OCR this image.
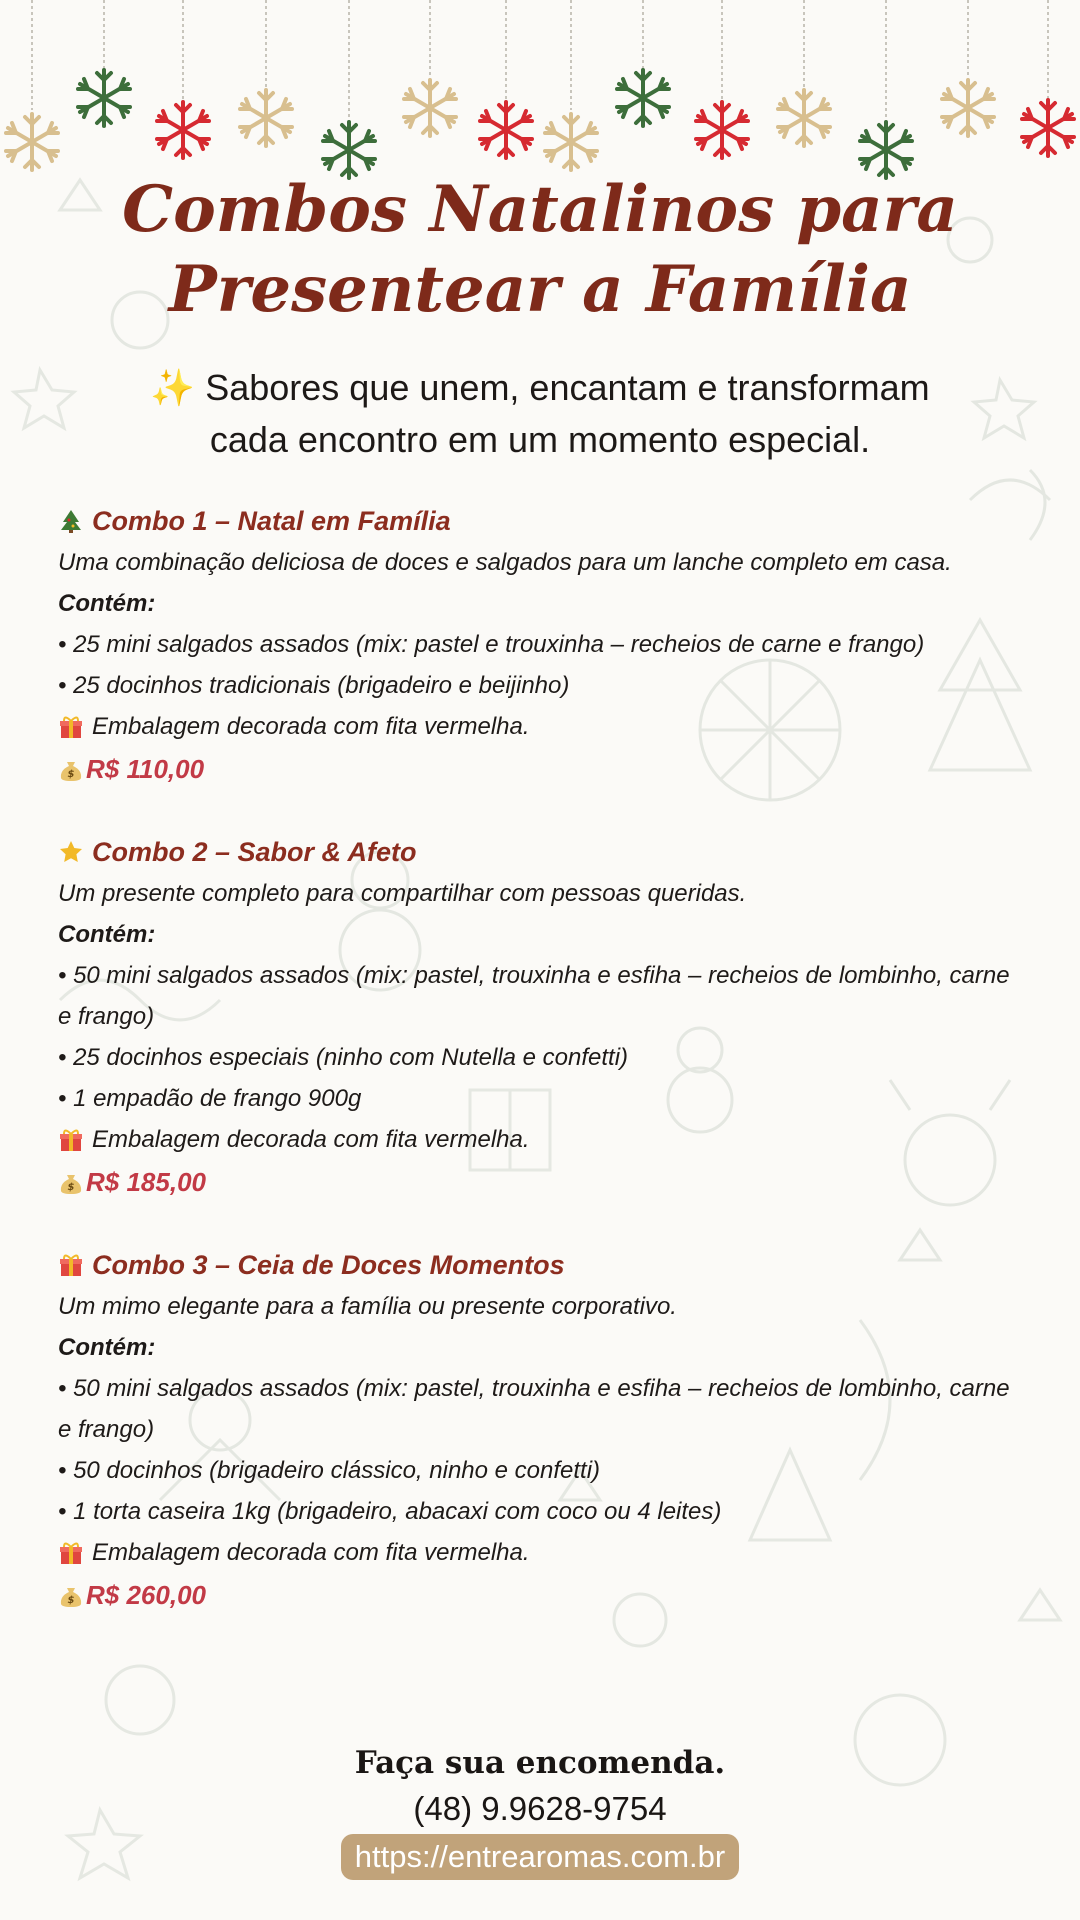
Combos Natalinos para
Presentear a Família
✨ Sabores que unem, encantam e transformam
cada encontro em um momento especial.
Combo 1 – Natal em Família
Uma combinação deliciosa de doces e salgados para um lanche completo em casa.
Contém:
• 25 mini salgados assados (mix: pastel e trouxinha – recheios de carne e frango)
• 25 docinhos tradicionais (brigadeiro e beijinho)
Embalagem decorada com fita vermelha.
$ R$ 110,00
Combo 2 – Sabor & Afeto
Um presente completo para compartilhar com pessoas queridas.
Contém:
• 50 mini salgados assados (mix: pastel, trouxinha e esfiha – recheios de lombinho, carne e frango)
• 25 docinhos especiais (ninho com Nutella e confetti)
• 1 empadão de frango 900g
Embalagem decorada com fita vermelha.
$ R$ 185,00
Combo 3 – Ceia de Doces Momentos
Um mimo elegante para a família ou presente corporativo.
Contém:
• 50 mini salgados assados (mix: pastel, trouxinha e esfiha – recheios de lombinho, carne e frango)
• 50 docinhos (brigadeiro clássico, ninho e confetti)
• 1 torta caseira 1kg (brigadeiro, abacaxi com coco ou 4 leites)
Embalagem decorada com fita vermelha.
$ R$ 260,00
Faça sua encomenda.
(48) 9.9628-9754
https://entrearomas.com.br
